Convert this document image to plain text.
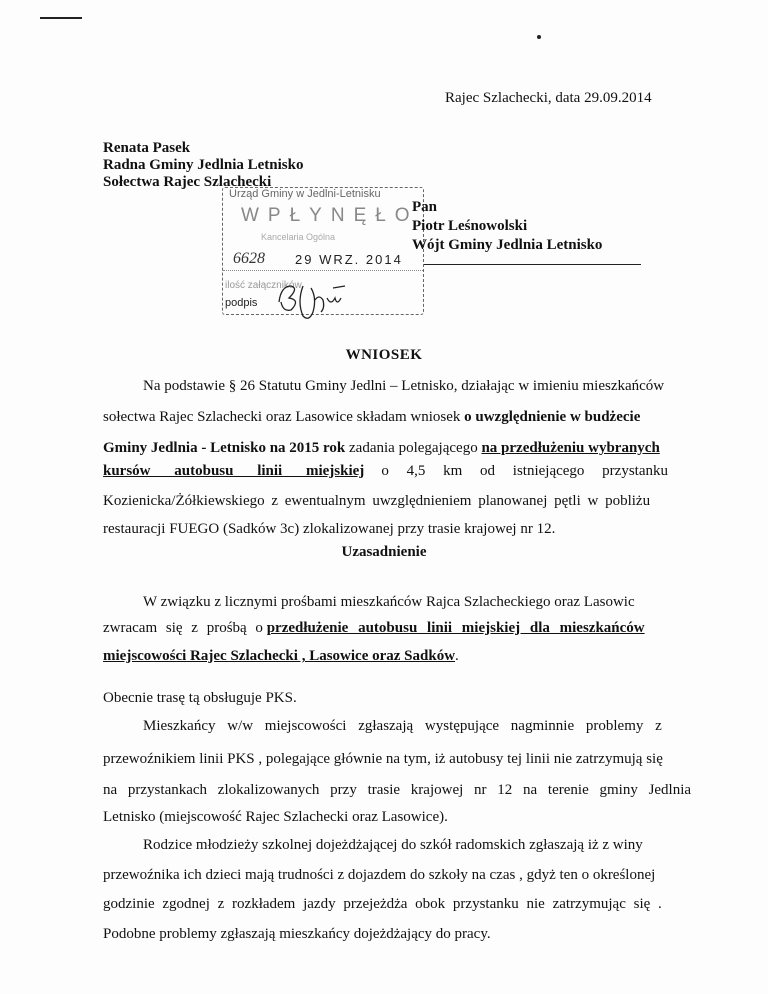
Rajec Szlachecki, data 29.09.2014
Renata Pasek
Radna Gminy Jedlnia Letnisko
Sołectwa Rajec Szlachecki
Urząd Gminy w Jedlni-Letnisku
WPŁYNĘŁO
Kancelaria Ogólna
6628 29 WRZ. 2014
ilość załączników
podpis
Pan
Piotr Leśnowolski
Wójt Gminy Jedlnia Letnisko
WNIOSEK
Na podstawie § 26 Statutu Gminy Jedlni – Letnisko, działając w imieniu mieszkańców
sołectwa Rajec Szlachecki oraz Lasowice składam wniosek o uwzględnienie w budżecie
Gminy Jedlnia - Letnisko na 2015 rok zadania polegającego na przedłużeniu wybranych
kursów autobusu linii miejskiej o 4,5 km od istniejącego przystanku
Kozienicka/Żółkiewskiego z ewentualnym uwzględnieniem planowanej pętli w pobliżu
restauracji FUEGO (Sadków 3c) zlokalizowanej przy trasie krajowej nr 12.
Uzasadnienie
W związku z licznymi prośbami mieszkańców Rajca Szlacheckiego oraz Lasowic
zwracam się z prośbą o przedłużenie autobusu linii miejskiej dla mieszkańców
miejscowości Rajec Szlachecki , Lasowice oraz Sadków.
Obecnie trasę tą obsługuje PKS.
Mieszkańcy w/w miejscowości zgłaszają występujące nagminnie problemy z
przewoźnikiem linii PKS , polegające głównie na tym, iż autobusy tej linii nie zatrzymują się
na przystankach zlokalizowanych przy trasie krajowej nr 12 na terenie gminy Jedlnia
Letnisko (miejscowość Rajec Szlachecki oraz Lasowice).
Rodzice młodzieży szkolnej dojeżdżającej do szkół radomskich zgłaszają iż z winy
przewoźnika ich dzieci mają trudności z dojazdem do szkoły na czas , gdyż ten o określonej
godzinie zgodnej z rozkładem jazdy przejeżdża obok przystanku nie zatrzymując się .
Podobne problemy zgłaszają mieszkańcy dojeżdżający do pracy.
